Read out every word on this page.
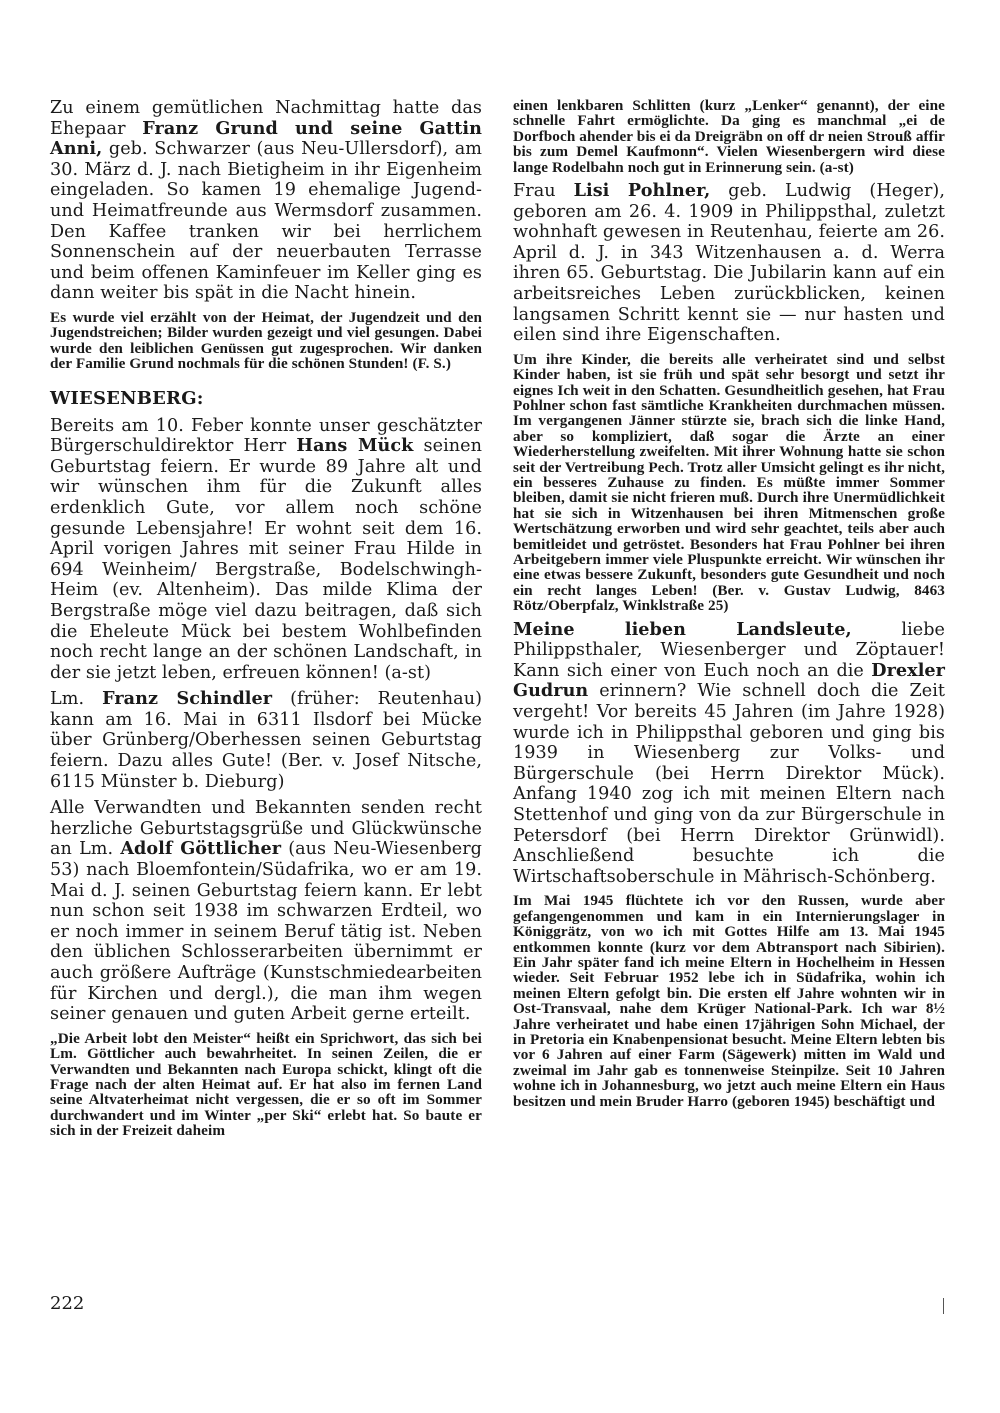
Zu einem gemütlichen Nachmittag hatte das Ehepaar Franz Grund und seine Gattin Anni, geb. Schwarzer (aus Neu-Ullersdorf), am 30. März d. J. nach Bietigheim in ihr Eigenheim eingeladen. So kamen 19 ehemalige Jugend- und Heimatfreunde aus Wermsdorf zusammen. Den Kaffee tranken wir bei herrlichem Sonnenschein auf der neuerbauten Terrasse und beim offenen Kaminfeuer im Keller ging es dann weiter bis spät in die Nacht hinein.

Es wurde viel erzählt von der Heimat, der Jugendzeit und den Jugendstreichen; Bilder wurden gezeigt und viel gesungen. Dabei wurde den leiblichen Genüssen gut zugesprochen. Wir danken der Familie Grund nochmals für die schönen Stunden! (F. S.)

WIESENBERG:

Bereits am 10. Feber konnte unser geschätzter Bürgerschuldirektor Herr Hans Mück seinen Geburtstag feiern. Er wurde 89 Jahre alt und wir wünschen ihm für die Zukunft alles erdenklich Gute, vor allem noch schöne gesunde Lebensjahre! Er wohnt seit dem 16. April vorigen Jahres mit seiner Frau Hilde in 694 Weinheim/ Bergstraße, Bodelschwingh-Heim (ev. Altenheim). Das milde Klima der Bergstraße möge viel dazu beitragen, daß sich die Eheleute Mück bei bestem Wohlbefinden noch recht lange an der schönen Landschaft, in der sie jetzt leben, erfreuen können! (a-st)

Lm. Franz Schindler (früher: Reutenhau) kann am 16. Mai in 6311 Ilsdorf bei Mücke über Grünberg/Oberhessen seinen Geburtstag feiern. Dazu alles Gute! (Ber. v. Josef Nitsche, 6115 Münster b. Dieburg)

Alle Verwandten und Bekannten senden recht herzliche Geburtstagsgrüße und Glückwünsche an Lm. Adolf Göttlicher (aus Neu-Wiesenberg 53) nach Bloemfontein/Südafrika, wo er am 19. Mai d. J. seinen Geburtstag feiern kann. Er lebt nun schon seit 1938 im schwarzen Erdteil, wo er noch immer in seinem Beruf tätig ist. Neben den üblichen Schlosserarbeiten übernimmt er auch größere Aufträge (Kunstschmiedearbeiten für Kirchen und dergl.), die man ihm wegen seiner genauen und guten Arbeit gerne erteilt.

„Die Arbeit lobt den Meister“ heißt ein Sprichwort, das sich bei Lm. Göttlicher auch bewahrheitet. In seinen Zeilen, die er Verwandten und Bekannten nach Europa schickt, klingt oft die Frage nach der alten Heimat auf. Er hat also im fernen Land seine Altvaterheimat nicht vergessen, die er so oft im Sommer durchwandert und im Winter „per Ski“ erlebt hat. So baute er sich in der Freizeit daheim

einen lenkbaren Schlitten (kurz „Lenker“ genannt), der eine schnelle Fahrt ermöglichte. Da ging es manchmal „ei de Dorfboch ahender bis ei da Dreigräbn on off dr neien Strouß affir bis zum Demel Kaufmonn“. Vielen Wiesenbergern wird diese lange Rodelbahn noch gut in Erinnerung sein. (a-st)

Frau Lisi Pohlner, geb. Ludwig (Heger), geboren am 26. 4. 1909 in Philippsthal, zuletzt wohnhaft gewesen in Reutenhau, feierte am 26. April d. J. in 343 Witzenhausen a. d. Werra ihren 65. Geburtstag. Die Jubilarin kann auf ein arbeitsreiches Leben zurückblicken, keinen langsamen Schritt kennt sie — nur hasten und eilen sind ihre Eigenschaften.

Um ihre Kinder, die bereits alle verheiratet sind und selbst Kinder haben, ist sie früh und spät sehr besorgt und setzt ihr eignes Ich weit in den Schatten. Gesundheitlich gesehen, hat Frau Pohlner schon fast sämtliche Krankheiten durchmachen müssen. Im vergangenen Jänner stürzte sie, brach sich die linke Hand, aber so kompliziert, daß sogar die Ärzte an einer Wiederherstellung zweifelten. Mit ihrer Wohnung hatte sie schon seit der Vertreibung Pech. Trotz aller Umsicht gelingt es ihr nicht, ein besseres Zuhause zu finden. Es müßte immer Sommer bleiben, damit sie nicht frieren muß. Durch ihre Unermüdlichkeit hat sie sich in Witzenhausen bei ihren Mitmenschen große Wertschätzung erworben und wird sehr geachtet, teils aber auch bemitleidet und getröstet. Besonders hat Frau Pohlner bei ihren Arbeitgebern immer viele Pluspunkte erreicht. Wir wünschen ihr eine etwas bessere Zukunft, besonders gute Gesundheit und noch ein recht langes Leben! (Ber. v. Gustav Ludwig, 8463 Rötz/Oberpfalz, Winklstraße 25)

Meine lieben Landsleute, liebe Philippsthaler, Wiesenberger und Zöptauer! Kann sich einer von Euch noch an die Drexler Gudrun erinnern? Wie schnell doch die Zeit vergeht! Vor bereits 45 Jahren (im Jahre 1928) wurde ich in Philippsthal geboren und ging bis 1939 in Wiesenberg zur Volks- und Bürgerschule (bei Herrn Direktor Mück). Anfang 1940 zog ich mit meinen Eltern nach Stettenhof und ging von da zur Bürgerschule in Petersdorf (bei Herrn Direktor Grünwidl). Anschließend besuchte ich die Wirtschaftsoberschule in Mährisch-Schönberg.

Im Mai 1945 flüchtete ich vor den Russen, wurde aber gefangengenommen und kam in ein Internierungslager in Königgrätz, von wo ich mit Gottes Hilfe am 13. Mai 1945 entkommen konnte (kurz vor dem Abtransport nach Sibirien). Ein Jahr später fand ich meine Eltern in Hochelheim in Hessen wieder. Seit Februar 1952 lebe ich in Südafrika, wohin ich meinen Eltern gefolgt bin. Die ersten elf Jahre wohnten wir in Ost-Transvaal, nahe dem Krüger National-Park. Ich war 8½ Jahre verheiratet und habe einen 17jährigen Sohn Michael, der in Pretoria ein Knabenpensionat besucht. Meine Eltern lebten bis vor 6 Jahren auf einer Farm (Sägewerk) mitten im Wald und zweimal im Jahr gab es tonnenweise Steinpilze. Seit 10 Jahren wohne ich in Johannesburg, wo jetzt auch meine Eltern ein Haus besitzen und mein Bruder Harro (geboren 1945) beschäftigt und

222
